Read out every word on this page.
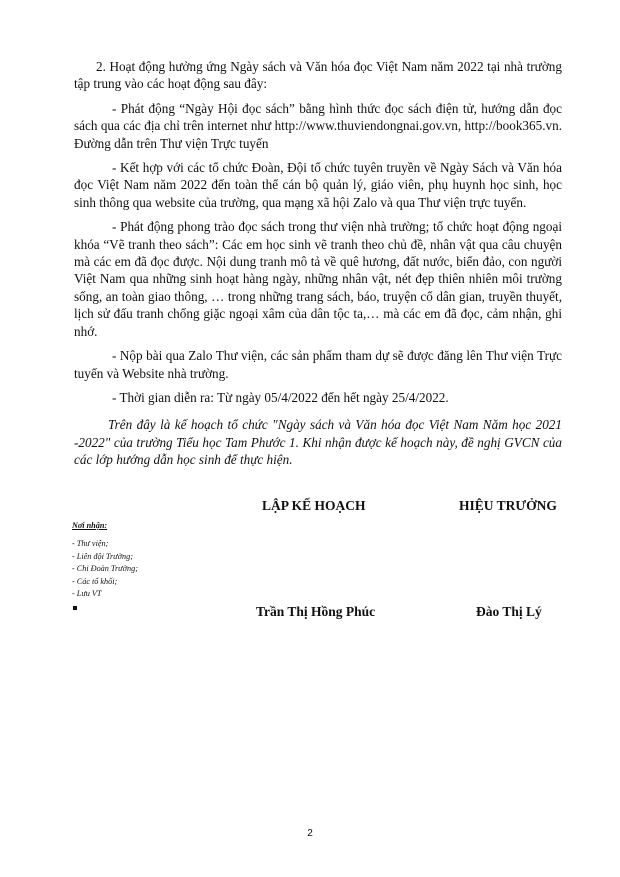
2. Hoạt động hưởng ứng Ngày sách và Văn hóa đọc Việt Nam năm 2022 tại nhà trường tập trung vào các hoạt động sau đây:

- Phát động “Ngày Hội đọc sách” bằng hình thức đọc sách điện tử, hướng dẫn đọc sách qua các địa chỉ trên internet như http://www.thuviendongnai.gov.vn, http://book365.vn. Đường dẫn trên Thư viện Trực tuyến

- Kết hợp với các tổ chức Đoàn, Đội tổ chức tuyên truyền về Ngày Sách và Văn hóa đọc Việt Nam năm 2022 đến toàn thể cán bộ quản lý, giáo viên, phụ huynh học sinh, học sinh thông qua website của trường, qua mạng xã hội Zalo và qua Thư viện trực tuyến.

- Phát động phong trào đọc sách trong thư viện nhà trường; tổ chức hoạt động ngoại khóa “Vẽ tranh theo sách”: Các em học sinh vẽ tranh theo chủ đề, nhân vật qua câu chuyện mà các em đã đọc được. Nội dung tranh mô tả về quê hương, đất nước, biển đảo, con người Việt Nam qua những sinh hoạt hàng ngày, những nhân vật, nét đẹp thiên nhiên môi trường sống, an toàn giao thông, … trong những trang sách, báo, truyện cổ dân gian, truyền thuyết, lịch sử đấu tranh chống giặc ngoại xâm của dân tộc ta,… mà các em đã đọc, cảm nhận, ghi nhớ.

- Nộp bài qua Zalo Thư viện, các sản phẩm tham dự sẽ được đăng lên Thư viện Trực tuyến và Website nhà trường.

- Thời gian diễn ra: Từ ngày 05/4/2022 đến hết ngày 25/4/2022.

Trên đây là kế hoạch tổ chức "Ngày sách và Văn hóa đọc Việt Nam Năm học 2021 -2022" của trường Tiểu học Tam Phước 1. Khi nhận được kế hoạch này, đề nghị GVCN của các lớp hướng dẫn học sinh để thực hiện.

LẬP KẾ HOẠCH	HIỆU TRƯỞNG
Nơi nhận:
- Thư viện;
- Liên đội Trường;
- Chi Đoàn Trường;
- Các tổ khối;
- Lưu VT
Trần Thị Hồng Phúc	Đào Thị Lý
2
